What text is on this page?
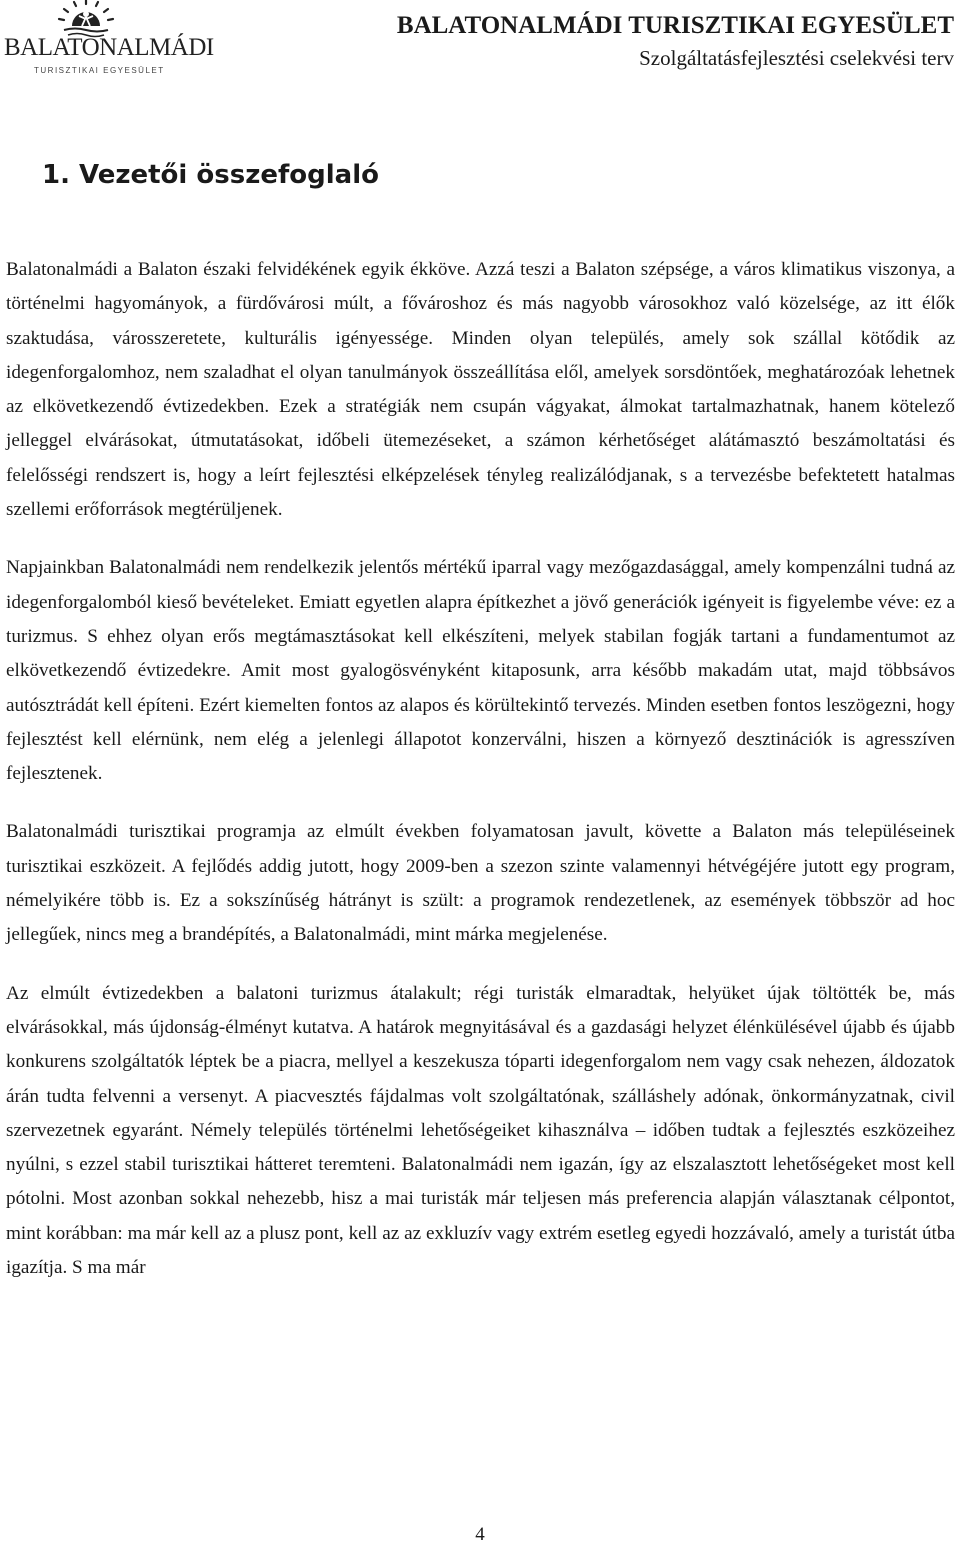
BALATONALMÁDI
TURISZTIKAI EGYESÜLET
BALATONALMÁDI TURISZTIKAI EGYESÜLET
Szolgáltatásfejlesztési cselekvési terv
1. Vezetői összefoglaló

Balatonalmádi a Balaton északi felvidékének egyik ékköve. Azzá teszi a Balaton szépsége, a város klimatikus viszonya, a történelmi hagyományok, a fürdővárosi múlt, a fővároshoz és más nagyobb városokhoz való közelsége, az itt élők szaktudása, városszeretete, kulturális igényessége. Minden olyan település, amely sok szállal kötődik az idegenforgalomhoz, nem szaladhat el olyan tanulmányok összeállítása elől, amelyek sorsdöntőek, meghatározóak lehetnek az elkövetkezendő évtizedekben. Ezek a stratégiák nem csupán vágyakat, álmokat tartalmazhatnak, hanem kötelező jelleggel elvárásokat, útmutatásokat, időbeli ütemezéseket, a számon kérhetőséget alátámasztó beszámoltatási és felelősségi rendszert is, hogy a leírt fejlesztési elképzelések tényleg realizálódjanak, s a tervezésbe befektetett hatalmas szellemi erőforrások megtérüljenek.

Napjainkban Balatonalmádi nem rendelkezik jelentős mértékű iparral vagy mezőgazdasággal, amely kompenzálni tudná az idegenforgalomból kieső bevételeket. Emiatt egyetlen alapra építkezhet a jövő generációk igényeit is figyelembe véve: ez a turizmus. S ehhez olyan erős megtámasztásokat kell elkészíteni, melyek stabilan fogják tartani a fundamentumot az elkövetkezendő évtizedekre. Amit most gyalogösvényként kitaposunk, arra később makadám utat, majd többsávos autósztrádát kell építeni. Ezért kiemelten fontos az alapos és körültekintő tervezés. Minden esetben fontos leszögezni, hogy fejlesztést kell elérnünk, nem elég a jelenlegi állapotot konzerválni, hiszen a környező desztinációk is agresszíven fejlesztenek.

Balatonalmádi turisztikai programja az elmúlt években folyamatosan javult, követte a Balaton más településeinek turisztikai eszközeit. A fejlődés addig jutott, hogy 2009-ben a szezon szinte valamennyi hétvégéjére jutott egy program, némelyikére több is. Ez a sokszínűség hátrányt is szült: a programok rendezetlenek, az események többször ad hoc jellegűek, nincs meg a brandépítés, a Balatonalmádi, mint márka megjelenése.

Az elmúlt évtizedekben a balatoni turizmus átalakult; régi turisták elmaradtak, helyüket újak töltötték be, más elvárásokkal, más újdonság-élményt kutatva. A határok megnyitásával és a gazdasági helyzet élénkülésével újabb és újabb konkurens szolgáltatók léptek be a piacra, mellyel a keszekusza tóparti idegenforgalom nem vagy csak nehezen, áldozatok árán tudta felvenni a versenyt. A piacvesztés fájdalmas volt szolgáltatónak, szálláshely adónak, önkormányzatnak, civil szervezetnek egyaránt. Némely település történelmi lehetőségeiket kihasználva – időben tudtak a fejlesztés eszközeihez nyúlni, s ezzel stabil turisztikai hátteret teremteni. Balatonalmádi nem igazán, így az elszalasztott lehetőségeket most kell pótolni. Most azonban sokkal nehezebb, hisz a mai turisták már teljesen más preferencia alapján választanak célpontot, mint korábban: ma már kell az a plusz pont, kell az az exkluzív vagy extrém esetleg egyedi hozzávaló, amely a turistát útba igazítja. S ma már

4
